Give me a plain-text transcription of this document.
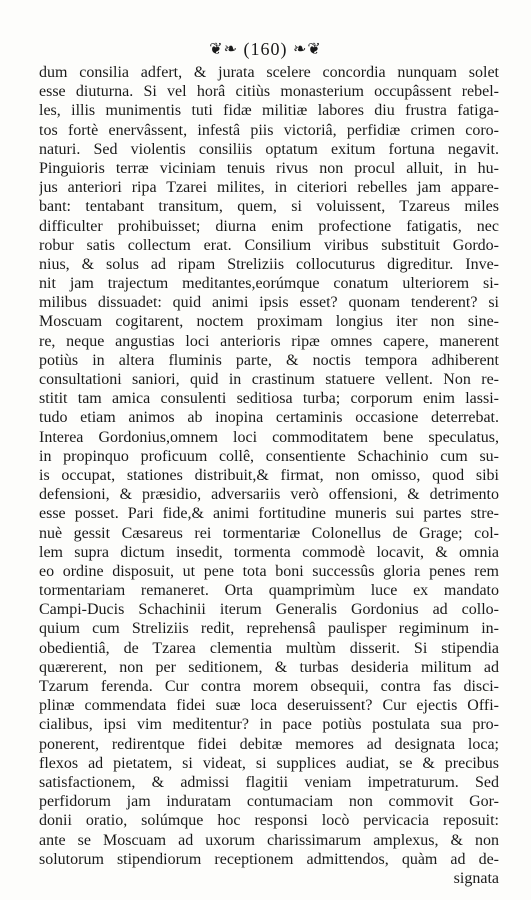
❦❧ (160) ❧❦
dum consilia adfert, & jurata scelere concordia nunquam solet
esse diuturna. Si vel horâ citiùs monasterium occupâssent rebel-
les, illis munimentis tuti fidæ militiæ labores diu frustra fatiga-
tos fortè enervâssent, infestâ piis victoriâ, perfidiæ crimen coro-
naturi. Sed violentis consiliis optatum exitum fortuna negavit.
Pinguioris terræ viciniam tenuis rivus non procul alluit, in hu-
jus anteriori ripa Tzarei milites, in citeriori rebelles jam appare-
bant: tentabant transitum, quem, si voluissent, Tzareus miles
difficulter prohibuisset; diurna enim profectione fatigatis, nec
robur satis collectum erat. Consilium viribus substituit Gordo-
nius, & solus ad ripam Streliziis collocuturus digreditur. Inve-
nit jam trajectum meditantes,eorúmque conatum ulteriorem si-
milibus dissuadet: quid animi ipsis esset? quonam tenderent? si
Moscuam cogitarent, noctem proximam longius iter non sine-
re, neque angustias loci anterioris ripæ omnes capere, manerent
potiùs in altera fluminis parte, & noctis tempora adhiberent
consultationi saniori, quid in crastinum statuere vellent. Non re-
stitit tam amica consulenti seditiosa turba; corporum enim lassi-
tudo etiam animos ab inopina certaminis occasione deterrebat.
Interea Gordonius,omnem loci commoditatem bene speculatus,
in propinquo proficuum collê, consentiente Schachinio cum su-
is occupat, stationes distribuit,& firmat, non omisso, quod sibi
defensioni, & præsidio, adversariis verò offensioni, & detrimento
esse posset. Pari fide,& animi fortitudine muneris sui partes stre-
nuè gessit Cæsareus rei tormentariæ Colonellus de Grage; col-
lem supra dictum insedit, tormenta commodè locavit, & omnia
eo ordine disposuit, ut pene tota boni successûs gloria penes rem
tormentariam remaneret. Orta quamprimùm luce ex mandato
Campi-Ducis Schachinii iterum Generalis Gordonius ad collo-
quium cum Streliziis redit, reprehensâ paulisper regiminum in-
obedientiâ, de Tzarea clementia multùm disserit. Si stipendia
quærerent, non per seditionem, & turbas desideria militum ad
Tzarum ferenda. Cur contra morem obsequii, contra fas disci-
plinæ commendata fidei suæ loca deseruissent? Cur ejectis Offi-
cialibus, ipsi vim meditentur? in pace potiùs postulata sua pro-
ponerent, redirentque fidei debitæ memores ad designata loca;
flexos ad pietatem, si videat, si supplices audiat, se & precibus
satisfactionem, & admissi flagitii veniam impetraturum. Sed
perfidorum jam induratam contumaciam non commovit Gor-
donii oratio, solúmque hoc responsi locò pervicacia reposuit:
ante se Moscuam ad uxorum charissimarum amplexus, & non
solutorum stipendiorum receptionem admittendos, quàm ad de-
signata
